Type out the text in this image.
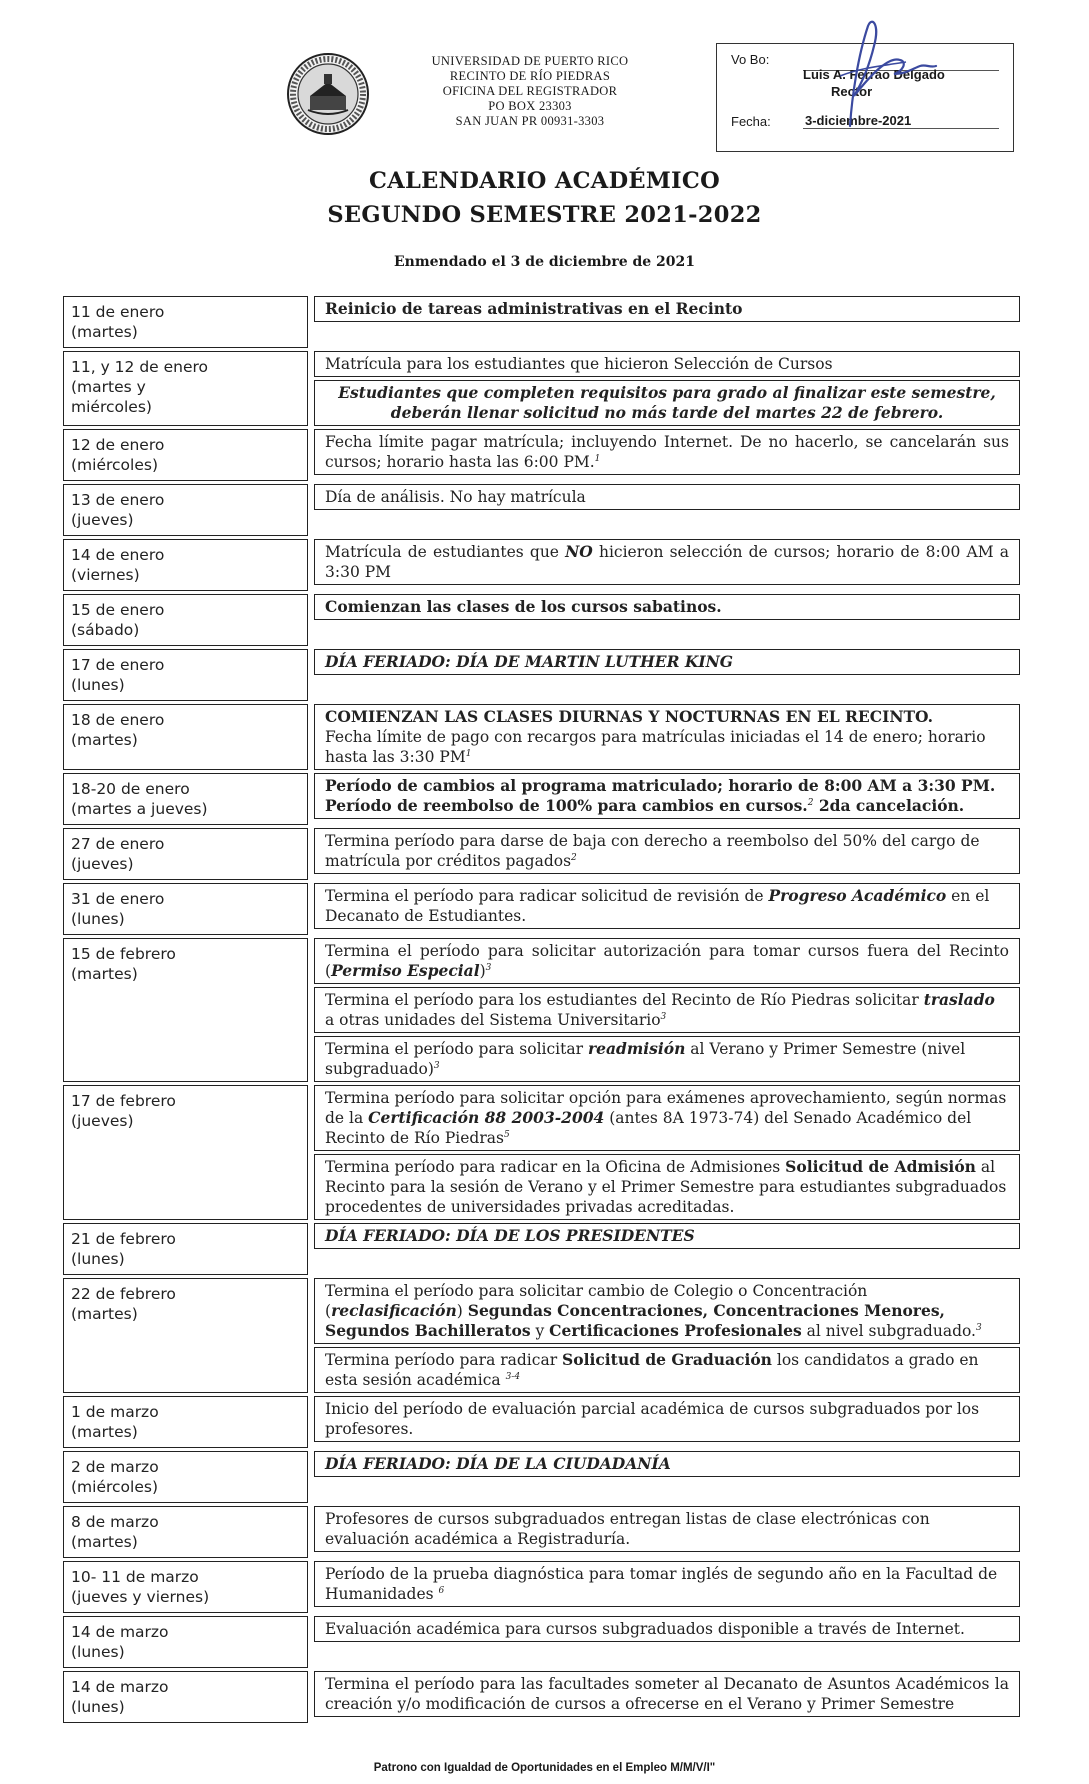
UNIVERSIDAD DE PUERTO RICO
RECINTO DE RÍO PIEDRAS
OFICINA DEL REGISTRADOR
PO BOX 23303
SAN JUAN PR 00931-3303
Vo Bo:
Luis A. Ferrao Delgado
Rector
Fecha:	3-diciembre-2021
CALENDARIO ACADÉMICO
SEGUNDO SEMESTRE 2021-2022
Enmendado el 3 de diciembre de 2021
11 de enero
(martes)
Reinicio de tareas administrativas en el Recinto
11, y 12 de enero
(martes y
miércoles)
Matrícula para los estudiantes que hicieron Selección de Cursos
Estudiantes que completen requisitos para grado al finalizar este semestre, deberán llenar solicitud no más tarde del martes 22 de febrero.
12 de enero
(miércoles)
Fecha límite pagar matrícula; incluyendo Internet. De no hacerlo, se cancelarán sus cursos; horario hasta las 6:00 PM.$^1$
13 de enero
(jueves)
Día de análisis. No hay matrícula
14 de enero
(viernes)
Matrícula de estudiantes que NO hicieron selección de cursos; horario de 8:00 AM a 3:30 PM
15 de enero
(sábado)
Comienzan las clases de los cursos sabatinos.
17 de enero
(lunes)
DÍA FERIADO: DÍA DE MARTIN LUTHER KING
18 de enero
(martes)
COMIENZAN LAS CLASES DIURNAS Y NOCTURNAS EN EL RECINTO.
Fecha límite de pago con recargos para matrículas iniciadas el 14 de enero; horario hasta las 3:30 $PM^1$
18-20 de enero
(martes a jueves)
Período de cambios al programa matriculado; horario de 8:00 AM a 3:30 PM. Período de reembolso de 100% para cambios en cursos.$^2$ 2da cancelación.
27 de enero
(jueves)
Termina período para darse de baja con derecho a reembolso del 50% del cargo de matrícula por créditos pagados$^2$
31 de enero
(lunes)
Termina el período para radicar solicitud de revisión de Progreso Académico en el Decanato de Estudiantes.
15 de febrero
(martes)
Termina el período para solicitar autorización para tomar cursos fuera del Recinto (Permiso Especial)$^3$
Termina el período para los estudiantes del Recinto de Río Piedras solicitar traslado a otras unidades del Sistema Universitario$^3$
Termina el período para solicitar readmisión al Verano y Primer Semestre (nivel subgraduado)$^3$
17 de febrero
(jueves)
Termina período para solicitar opción para exámenes aprovechamiento, según normas de la Certificación 88 2003-2004 (antes 8A 1973-74) del Senado Académico del Recinto de Río Piedras$^5$
Termina período para radicar en la Oficina de Admisiones Solicitud de Admisión al Recinto para la sesión de Verano y el Primer Semestre para estudiantes subgraduados procedentes de universidades privadas acreditadas.
21 de febrero
(lunes)
DÍA FERIADO: DÍA DE LOS PRESIDENTES
22 de febrero
(martes)
Termina el período para solicitar cambio de Colegio o Concentración
(reclasificación) Segundas Concentraciones, Concentraciones Menores, Segundos Bachilleratos y Certificaciones Profesionales al nivel subgraduado.$^3$
Termina período para radicar Solicitud de Graduación los candidatos a grado en esta sesión académica $^{3-4}$
1 de marzo
(martes)
Inicio del período de evaluación parcial académica de cursos subgraduados por los profesores.
2 de marzo
(miércoles)
DÍA FERIADO: DÍA DE LA CIUDADANÍA
8 de marzo
(martes)
Profesores de cursos subgraduados entregan listas de clase electrónicas con evaluación académica a Registraduría.
10- 11 de marzo
(jueves y viernes)
Período de la prueba diagnóstica para tomar inglés de segundo año en la Facultad de Humanidades $^6$
14 de marzo
(lunes)
Evaluación académica para cursos subgraduados disponible a través de Internet.
14 de marzo
(lunes)
Termina el período para las facultades someter al Decanato de Asuntos Académicos la creación y/o modificación de cursos a ofrecerse en el Verano y Primer Semestre
Patrono con Igualdad de Oportunidades en el Empleo M/M/V/I"
